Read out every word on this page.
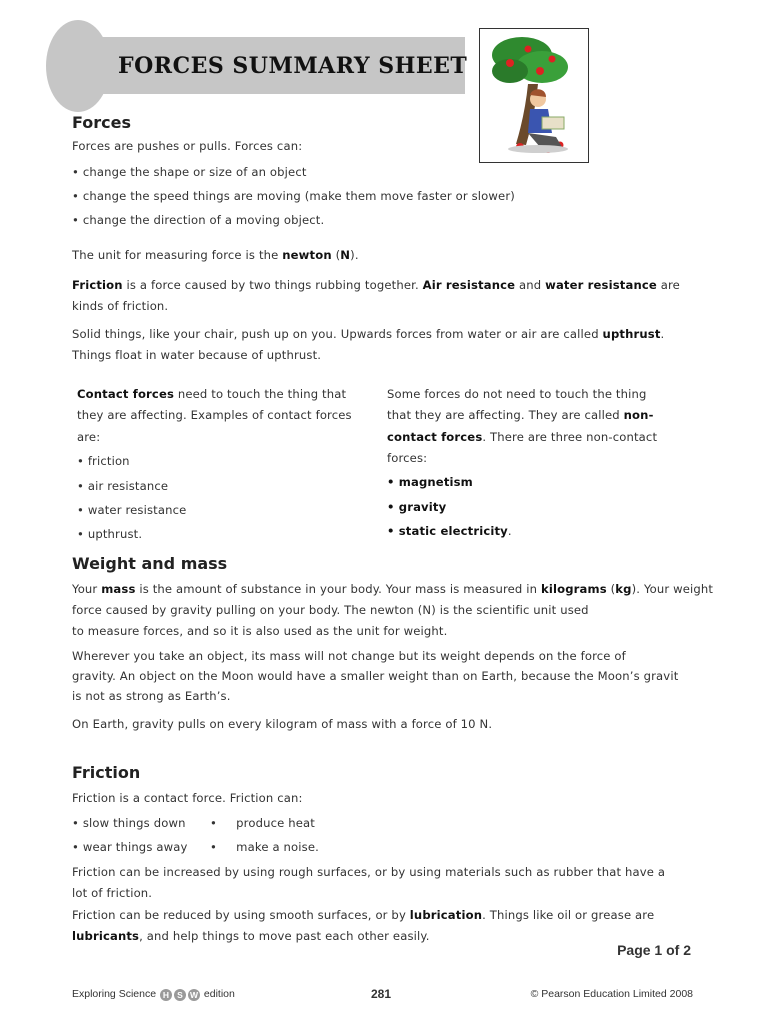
FORCES SUMMARY SHEET
Forces
Forces are pushes or pulls. Forces can:
• change the shape or size of an object
• change the speed things are moving (make them move faster or slower)
• change the direction of a moving object.
The unit for measuring force is the newton (N).
Friction is a force caused by two things rubbing together. Air resistance and water resistance are
kinds of friction.
Solid things, like your chair, push up on you. Upwards forces from water or air are called upthrust.
Things float in water because of upthrust.
Contact forces need to touch the thing that
they are affecting. Examples of contact forces
are:
• friction
• air resistance
• water resistance
• upthrust.
Some forces do not need to touch the thing
that they are affecting. They are called non-
contact forces. There are three non-contact
forces:
• magnetism
• gravity
• static electricity.
Weight and mass
Your mass is the amount of substance in your body. Your mass is measured in kilograms (kg). Your weight
force caused by gravity pulling on your body. The newton (N) is the scientific unit used
to measure forces, and so it is also used as the unit for weight.
Wherever you take an object, its mass will not change but its weight depends on the force of
gravity. An object on the Moon would have a smaller weight than on Earth, because the Moon’s gravit
is not as strong as Earth’s.
On Earth, gravity pulls on every kilogram of mass with a force of 10 N.
Friction
Friction is a contact force. Friction can:
• slow things down •     produce heat
• wear things away •     make a noise.
Friction can be increased by using rough surfaces, or by using materials such as rubber that have a
lot of friction.
Friction can be reduced by using smooth surfaces, or by lubrication. Things like oil or grease are
lubricants, and help things to move past each other easily.
Page 1 of 2
Exploring Science H S W edition	281	© Pearson Education Limited 2008
